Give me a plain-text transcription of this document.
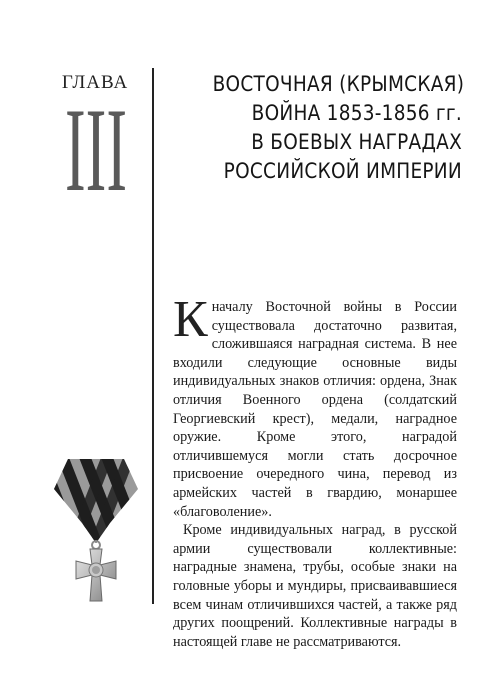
ГЛАВА
III	ВОСТОЧНАЯ (КРЫМСКАЯ)
ВОЙНА 1853-1856 гг.
В БОЕВЫХ НАГРАДАХ
РОССИЙСКОЙ ИМПЕРИИ

Кначалу Восточной войны в России существовала достаточно развитая, сложившаяся наградная система. В нее входили следующие основные виды индивидуальных знаков отличия: ордена, Знак отличия Военного ордена (солдатский Георгиевский крест), медали, наградное оружие. Кроме этого, наградой отличившемуся могли стать досрочное присвоение очередного чина, перевод из армейских частей в гвардию, монаршее «благоволение».

Кроме индивидуальных наград, в русской армии существовали коллективные: наградные знамена, трубы, особые знаки на головные уборы и мундиры, присваивавшиеся всем чинам отличившихся частей, а также ряд других поощрений. Коллективные награды в настоящей главе не рассматриваются.
